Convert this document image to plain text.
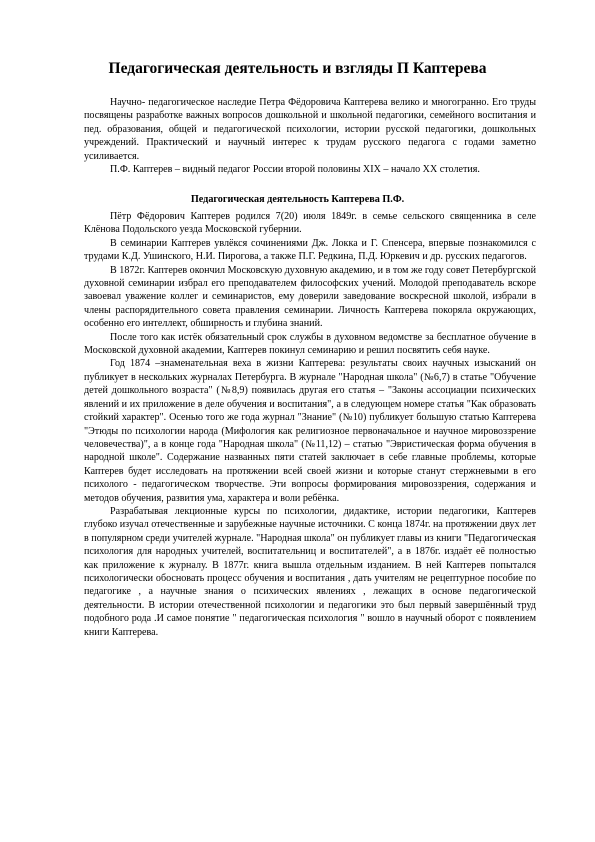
Педагогическая деятельность и взгляды П Каптерева

Научно- педагогическое наследие Петра Фёдоровича Каптерева велико и многогранно. Его труды посвящены разработке важных вопросов дошкольной и школьной педагогики, семейного воспитания и пед. образования, общей и педагогической психологии, истории русской педагогики, дошкольных учреждений. Практический и научный интерес к трудам русского педагога с годами заметно усиливается.

П.Ф. Каптерев – видный педагог России второй половины XIX – начало XX столетия.

Педагогическая деятельность Каптерева П.Ф.

Пётр Фёдорович Каптерев родился 7(20) июля 1849г. в семье сельского священника в селе Клёнова Подольского уезда Московской губернии.

В семинарии Каптерев увлёкся сочинениями Дж. Локка и Г. Спенсера, впервые познакомился с трудами К.Д. Ушинского, Н.И. Пирогова, а также П.Г. Редкина, П.Д. Юркевич и др. русских педагогов.

В 1872г. Каптерев окончил Московскую духовную академию, и в том же году совет Петербургской духовной семинарии избрал его преподавателем философских учений. Молодой преподаватель вскоре завоевал уважение коллег и семинаристов, ему доверили заведование воскресной школой, избрали в члены распорядительного совета правления семинарии. Личность Каптерева покоряла окружающих, особенно его интеллект, обширность и глубина знаний.

После того как истёк обязательный срок службы в духовном ведомстве за бесплатное обучение в Московской духовной академии, Каптерев покинул семинарию и решил посвятить себя науке.

Год 1874 –знаменательная веха в жизни Каптерева: результаты своих научных изысканий он публикует в нескольких журналах Петербурга. В журнале "Народная школа" (№6,7) в статье "Обучение детей дошкольного возраста" (№8,9) появилась другая его статья – "Законы ассоциации психических явлений и их приложение в деле обучения и воспитания", а в следующем номере статья "Как образовать стойкий характер". Осенью того же года журнал "Знание" (№10) публикует большую статью Каптерева "Этюды по психологии народа (Мифология как религиозное первоначальное и научное мировоззрение человечества)", а в конце года "Народная школа" (№11,12) – статью "Эвристическая форма обучения в народной школе". Содержание названных пяти статей заключает в себе главные проблемы, которые Каптерев будет исследовать на протяжении всей своей жизни и которые станут стержневыми в его психолого - педагогическом творчестве. Эти вопросы формирования мировоззрения, содержания и методов обучения, развития ума, характера и воли ребёнка.

Разрабатывая лекционные курсы по психологии, дидактике, истории педагогики, Каптерев глубоко изучал отечественные и зарубежные научные источники. С конца 1874г. на протяжении двух лет в популярном среди учителей журнале. "Народная школа" он публикует главы из книги "Педагогическая психология для народных учителей, воспитательниц и воспитателей", а в 1876г. издаёт её полностью как приложение к журналу. В 1877г. книга вышла отдельным изданием. В ней Каптерев попытался психологически обосновать процесс обучения и воспитания , дать учителям не рецептурное пособие по педагогике , а научные знания о психических явлениях , лежащих в основе педагогической деятельности. В истории отечественной психологии и педагогики это был первый завершённый труд подобного рода .И самое понятие " педагогическая психология " вошло в научный оборот с появлением книги Каптерева.
